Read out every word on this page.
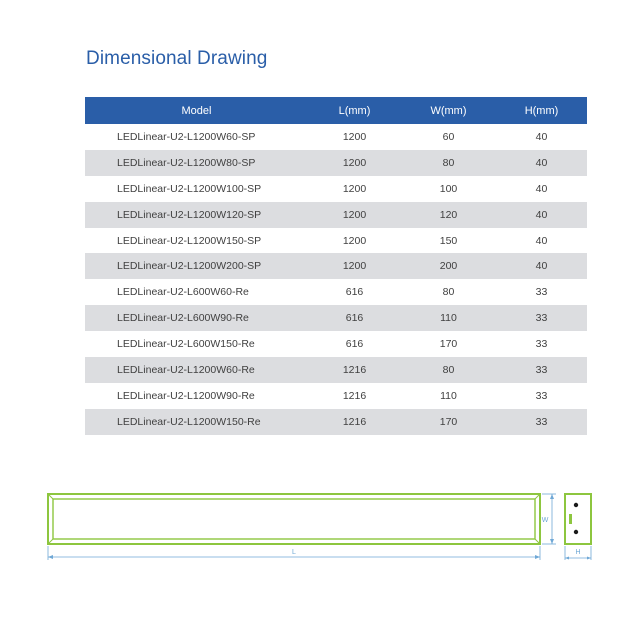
Dimensional Drawing
Model	L(mm)	W(mm)	H(mm)
LEDLinear-U2-L1200W60-SP	1200	60	40
LEDLinear-U2-L1200W80-SP	1200	80	40
LEDLinear-U2-L1200W100-SP	1200	100	40
LEDLinear-U2-L1200W120-SP	1200	120	40
LEDLinear-U2-L1200W150-SP	1200	150	40
LEDLinear-U2-L1200W200-SP	1200	200	40
LEDLinear-U2-L600W60-Re	616	80	33
LEDLinear-U2-L600W90-Re	616	110	33
LEDLinear-U2-L600W150-Re	616	170	33
LEDLinear-U2-L1200W60-Re	1216	80	33
LEDLinear-U2-L1200W90-Re	1216	110	33
LEDLinear-U2-L1200W150-Re	1216	170	33
L
W
H
